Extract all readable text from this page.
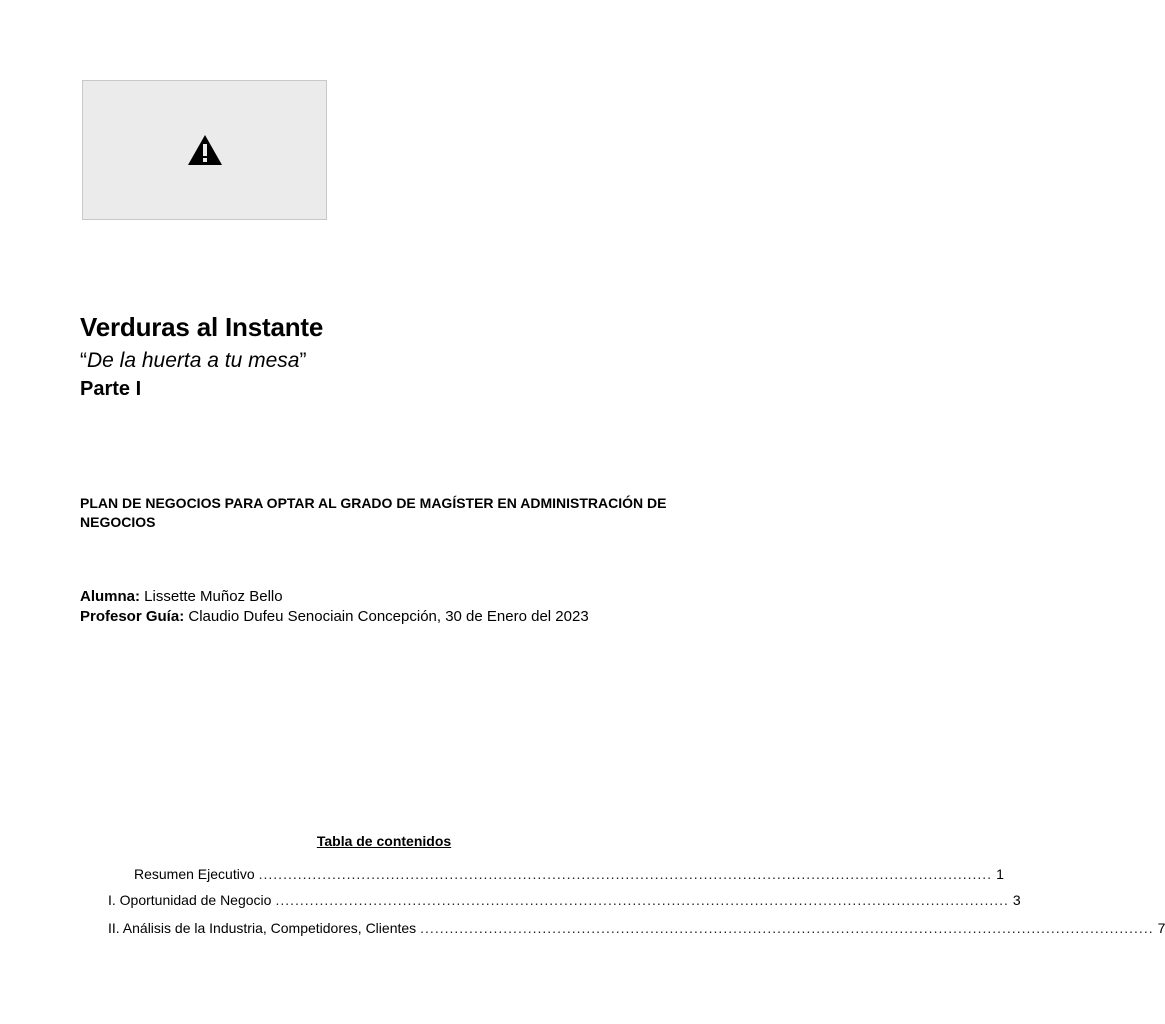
Verduras al Instante
“De la huerta a tu mesa”
Parte I

PLAN DE NEGOCIOS PARA OPTAR AL GRADO DE MAGÍSTER EN ADMINISTRACIÓN DE NEGOCIOS

Alumna: Lissette Muñoz Bello
Profesor Guía: Claudio Dufeu Senociain Concepción, 30 de Enero del 2023
Tabla de contenidos
Resumen Ejecutivo ...................................................................................................................................................... 1
I. Oportunidad de Negocio ...................................................................................................................................................... 3
II. Análisis de la Industria, Competidores, Clientes ...................................................................................................................................................... 7
